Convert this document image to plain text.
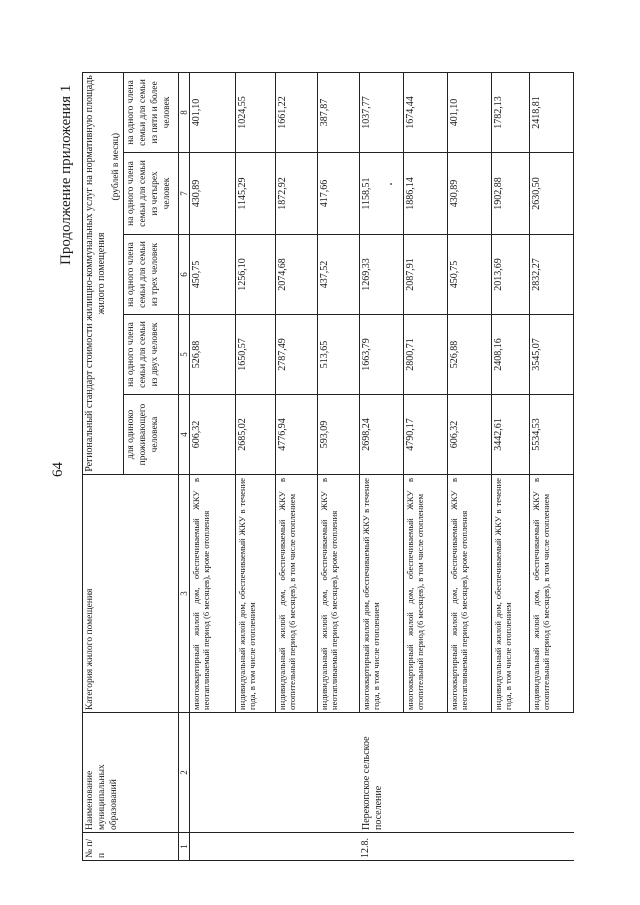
64
Продолжение приложения 1
№ п/п	Наименование муниципальных образований	Категория жилого помещения	Региональный стандарт стоимости жилищно-коммунальных услуг на нормативную площадь жилого помещения				
			(рублей в месяц)				
			для одиноко проживающего человека	на одного члена семьи для семьи из двух человек	на одного члена семьи для семьи из трех человек	на одного члена семьи для семьи из четырех человек	на одного члена семьи для семьи из пяти и более человек
1	2	3	4	5	6	7	8
		многоквартирный жилой дом, обеспечиваемый ЖКУ в неотапливаемый период (6 месяцев), кроме отопления	606,32	526,88	450,75	430,89	401,10
		индивидуальный жилой дом, обеспечиваемый ЖКУ в течение года, в том числе отоплением	2685,02	1650,57	1256,10	1145,29	1024,55
		индивидуальный жилой дом, обеспечиваемый ЖКУ в отопительный период (6 месяцев), в том числе отоплением	4776,94	2787,49	2074,68	1872,92	1661,22
		индивидуальный жилой дом, обеспечиваемый ЖКУ в неотапливаемый период (6 месяцев), кроме отопления	593,09	513,65	437,52	417,66	387,87
12.8.	Перекопское сельское поселение	многоквартирный жилой дом, обеспечиваемый ЖКУ в течение года, в том числе отоплением	2698,24	1663,79	1269,33	1158,51	1037,77
		многоквартирный жилой дом, обеспечиваемый ЖКУ в отопительный период (6 месяцев), в том числе отоплением	4790,17	2800,71	2087,91	1886,14	1674,44
		многоквартирный жилой дом, обеспечиваемый ЖКУ в неотапливаемый период (6 месяцев), кроме отопления	606,32	526,88	450,75	430,89	401,10
		индивидуальный жилой дом, обеспечиваемый ЖКУ в течение года, в том числе отоплением	3442,61	2408,16	2013,69	1902,88	1782,13
		индивидуальный жилой дом, обеспечиваемый ЖКУ в отопительный период (6 месяцев), в том числе отоплением	5534,53	3545,07	2832,27	2630,50	2418,81
